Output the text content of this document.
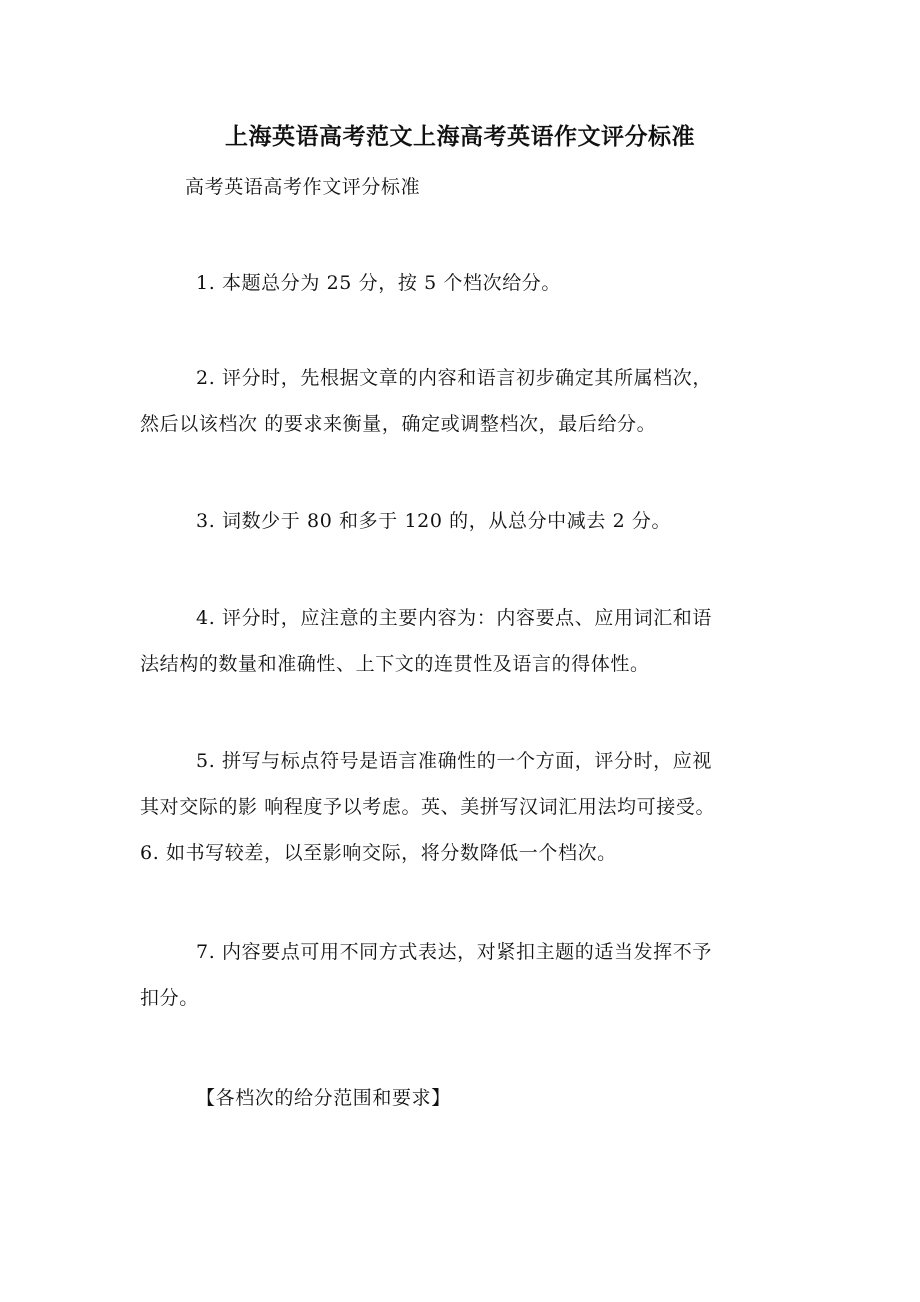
上海英语高考范文上海高考英语作文评分标准
高考英语高考作文评分标准
1. 本题总分为 25 分，按 5 个档次给分。
2. 评分时，先根据文章的内容和语言初步确定其所属档次，
然后以该档次 的要求来衡量，确定或调整档次，最后给分。
3. 词数少于 80 和多于 120 的，从总分中减去 2 分。
4. 评分时，应注意的主要内容为：内容要点、应用词汇和语
法结构的数量和准确性、上下文的连贯性及语言的得体性。
5. 拼写与标点符号是语言准确性的一个方面，评分时，应视
其对交际的影 响程度予以考虑。英、美拼写汉词汇用法均可接受。
6. 如书写较差，以至影响交际，将分数降低一个档次。
7. 内容要点可用不同方式表达，对紧扣主题的适当发挥不予
扣分。
【各档次的给分范围和要求】
